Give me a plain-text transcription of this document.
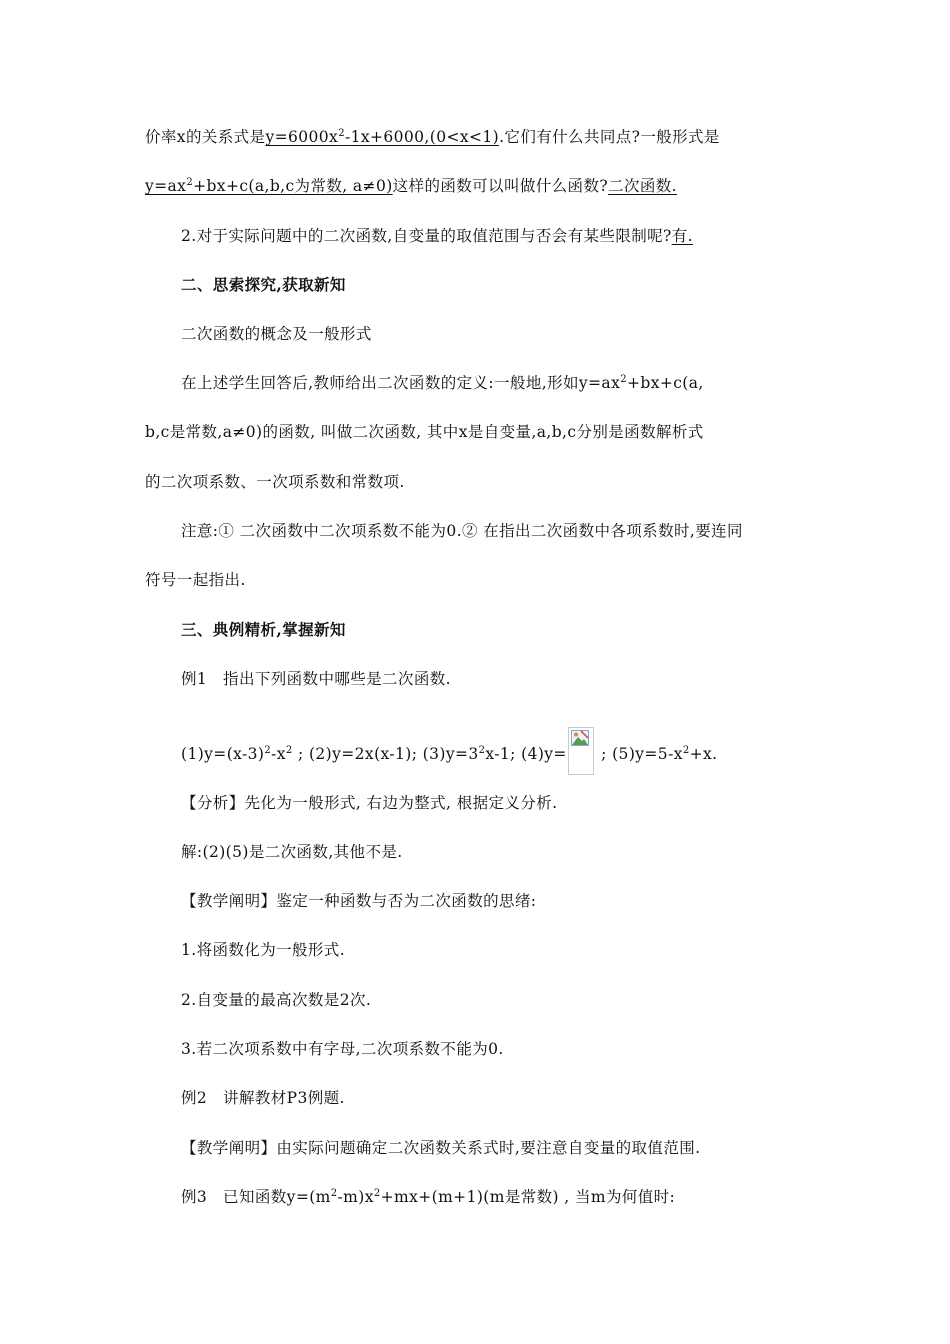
价率x的关系式是$y=6000x^2-1x+6000,(0<x<1)$.它们有什么共同点?一般形式是
$y=ax^2+bx+c(a,b,c$为常数, a≠0)这样的函数可以叫做什么函数?二次函数.
2.对于实际问题中的二次函数,自变量的取值范围与否会有某些限制呢?有.
二、思索探究,获取新知
二次函数的概念及一般形式
在上述学生回答后,教师给出二次函数的定义:一般地,形如$y=ax^2+bx+c(a$,
b,c是常数,a≠0)的函数, 叫做二次函数, 其中x是自变量,a,b,c分别是函数解析式
的二次项系数、一次项系数和常数项.
注意:① 二次函数中二次项系数不能为0.② 在指出二次函数中各项系数时,要连同
符号一起指出.
三、典例精析,掌握新知
例1　指出下列函数中哪些是二次函数.
$(1)y=(x-3)^2-x^2$ ; (2)y=2x(x-1); $(3)y=3^2x-1$; (4)y=
; $(5)y=5-x^2+x$.
【分析】先化为一般形式, 右边为整式, 根据定义分析.
解:(2)(5)是二次函数,其他不是.
【教学阐明】鉴定一种函数与否为二次函数的思绪:
1.将函数化为一般形式.
2.自变量的最高次数是2次.
3.若二次项系数中有字母,二次项系数不能为0.
例2　讲解教材P3例题.
【教学阐明】由实际问题确定二次函数关系式时,要注意自变量的取值范围.
例3　已知函数$y=(m^2-m)x^2+mx+(m+1)(m$是常数) , 当m为何值时:
